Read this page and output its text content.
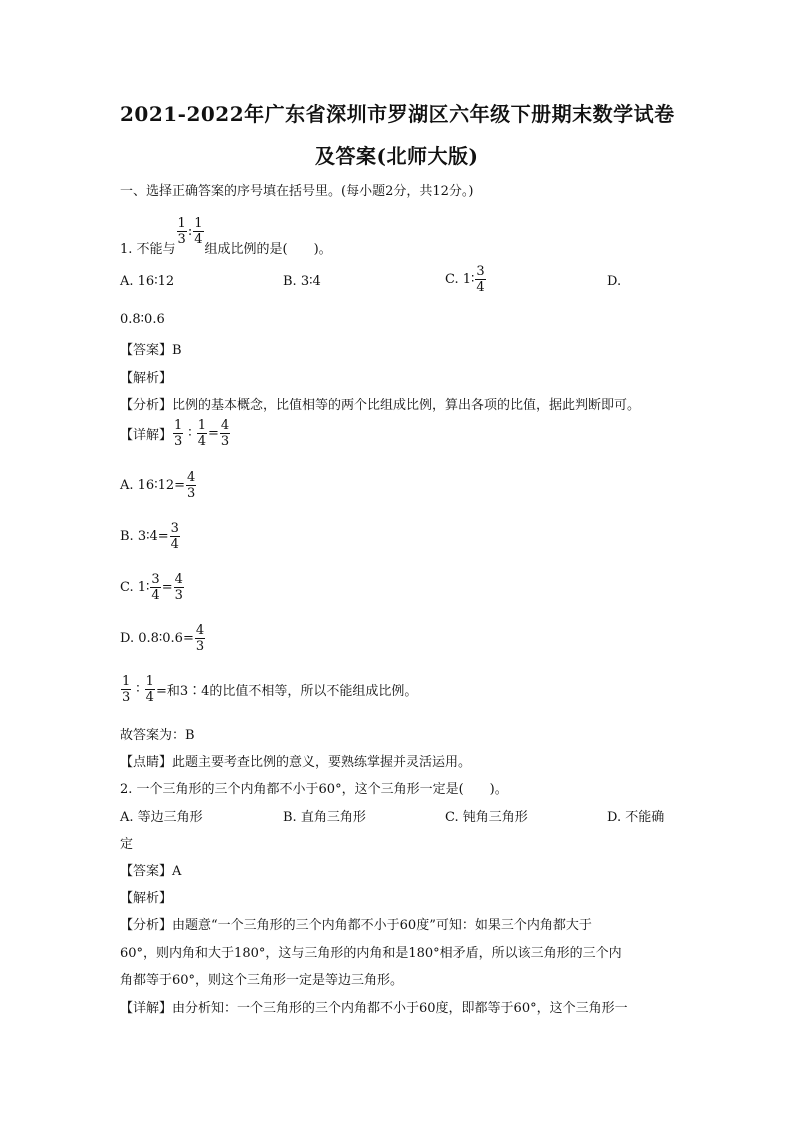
2021-2022年广东省深圳市罗湖区六年级下册期末数学试卷
及答案(北师大版)
一、选择正确答案的序号填在括号里。(每小题2分，共12分。)
1. 不能与
$\frac{1}{3}$ : $\frac{1}{4}$
组成比例的是(　　)。
A. 16∶12	B. 3∶4	C. 1∶ $\frac{3}{4}$	D.
0.8∶0.6
【答案】B
【解析】
【分析】比例的基本概念，比值相等的两个比组成比例，算出各项的比值，据此判断即可。
【详解】 $\frac{1}{3}$ ∶ $\frac{1}{4} = \frac{4}{3}$
A. 16∶12= $\frac{4}{3}$
B. 3∶4= $\frac{3}{4}$
C. 1∶ $\frac{3}{4} = \frac{4}{3}$
D. 0.8∶0.6= $\frac{4}{3}$
$\frac{1}{3}$ ∶ $\frac{1}{4}$ =和3∶4的比值不相等，所以不能组成比例。
故答案为：B
【点睛】此题主要考查比例的意义，要熟练掌握并灵活运用。
2. 一个三角形的三个内角都不小于60°，这个三角形一定是(　　)。
A. 等边三角形	B. 直角三角形	C. 钝角三角形	D. 不能确
定
【答案】A
【解析】
【分析】由题意“一个三角形的三个内角都不小于60度”可知：如果三个内角都大于
60°，则内角和大于180°，这与三角形的内角和是180°相矛盾，所以该三角形的三个内
角都等于60°，则这个三角形一定是等边三角形。
【详解】由分析知：一个三角形的三个内角都不小于60度，即都等于60°，这个三角形一
